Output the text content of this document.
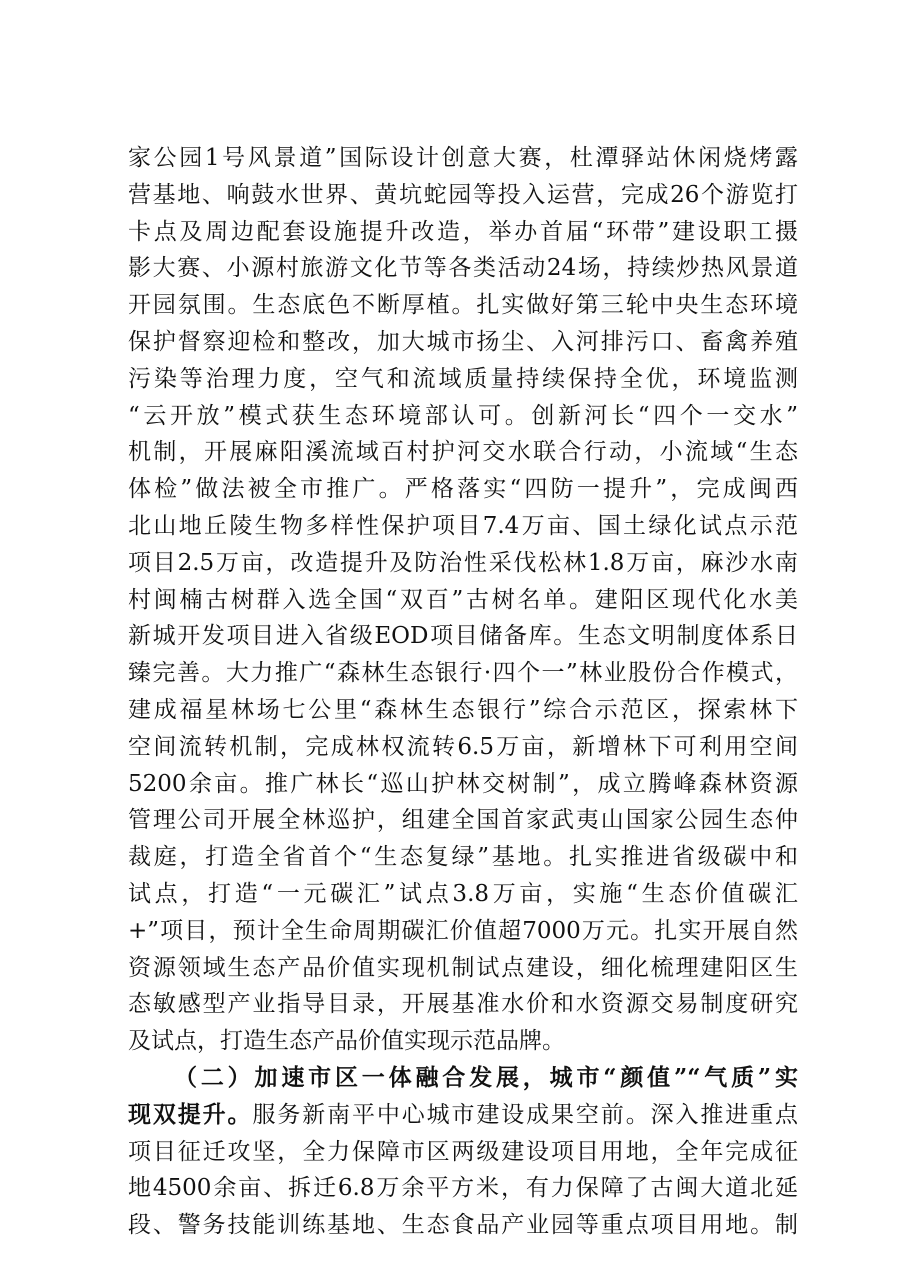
家公园1号风景道”国际设计创意大赛，杜潭驿站休闲烧烤露
营基地、响鼓水世界、黄坑蛇园等投入运营，完成26个游览打
卡点及周边配套设施提升改造，举办首届“环带”建设职工摄
影大赛、小源村旅游文化节等各类活动24场，持续炒热风景道
开园氛围。生态底色不断厚植。扎实做好第三轮中央生态环境
保护督察迎检和整改，加大城市扬尘、入河排污口、畜禽养殖
污染等治理力度，空气和流域质量持续保持全优，环境监测
“云开放”模式获生态环境部认可。创新河长“四个一交水”
机制，开展麻阳溪流域百村护河交水联合行动，小流域“生态
体检”做法被全市推广。严格落实“四防一提升”，完成闽西
北山地丘陵生物多样性保护项目7.4万亩、国土绿化试点示范
项目2.5万亩，改造提升及防治性采伐松林1.8万亩，麻沙水南
村闽楠古树群入选全国“双百”古树名单。建阳区现代化水美
新城开发项目进入省级EOD项目储备库。生态文明制度体系日
臻完善。大力推广“森林生态银行·四个一”林业股份合作模式，
建成福星林场七公里“森林生态银行”综合示范区，探索林下
空间流转机制，完成林权流转6.5万亩，新增林下可利用空间
5200余亩。推广林长“巡山护林交树制”，成立腾峰森林资源
管理公司开展全林巡护，组建全国首家武夷山国家公园生态仲
裁庭，打造全省首个“生态复绿”基地。扎实推进省级碳中和
试点，打造“一元碳汇”试点3.8万亩，实施“生态价值碳汇
+”项目，预计全生命周期碳汇价值超7000万元。扎实开展自然
资源领域生态产品价值实现机制试点建设，细化梳理建阳区生
态敏感型产业指导目录，开展基准水价和水资源交易制度研究
及试点，打造生态产品价值实现示范品牌。
（二）加速市区一体融合发展，城市“颜值”“气质”实
现双提升。服务新南平中心城市建设成果空前。深入推进重点
项目征迁攻坚，全力保障市区两级建设项目用地，全年完成征
地4500余亩、拆迁6.8万余平方米，有力保障了古闽大道北延
段、警务技能训练基地、生态食品产业园等重点项目用地。制
